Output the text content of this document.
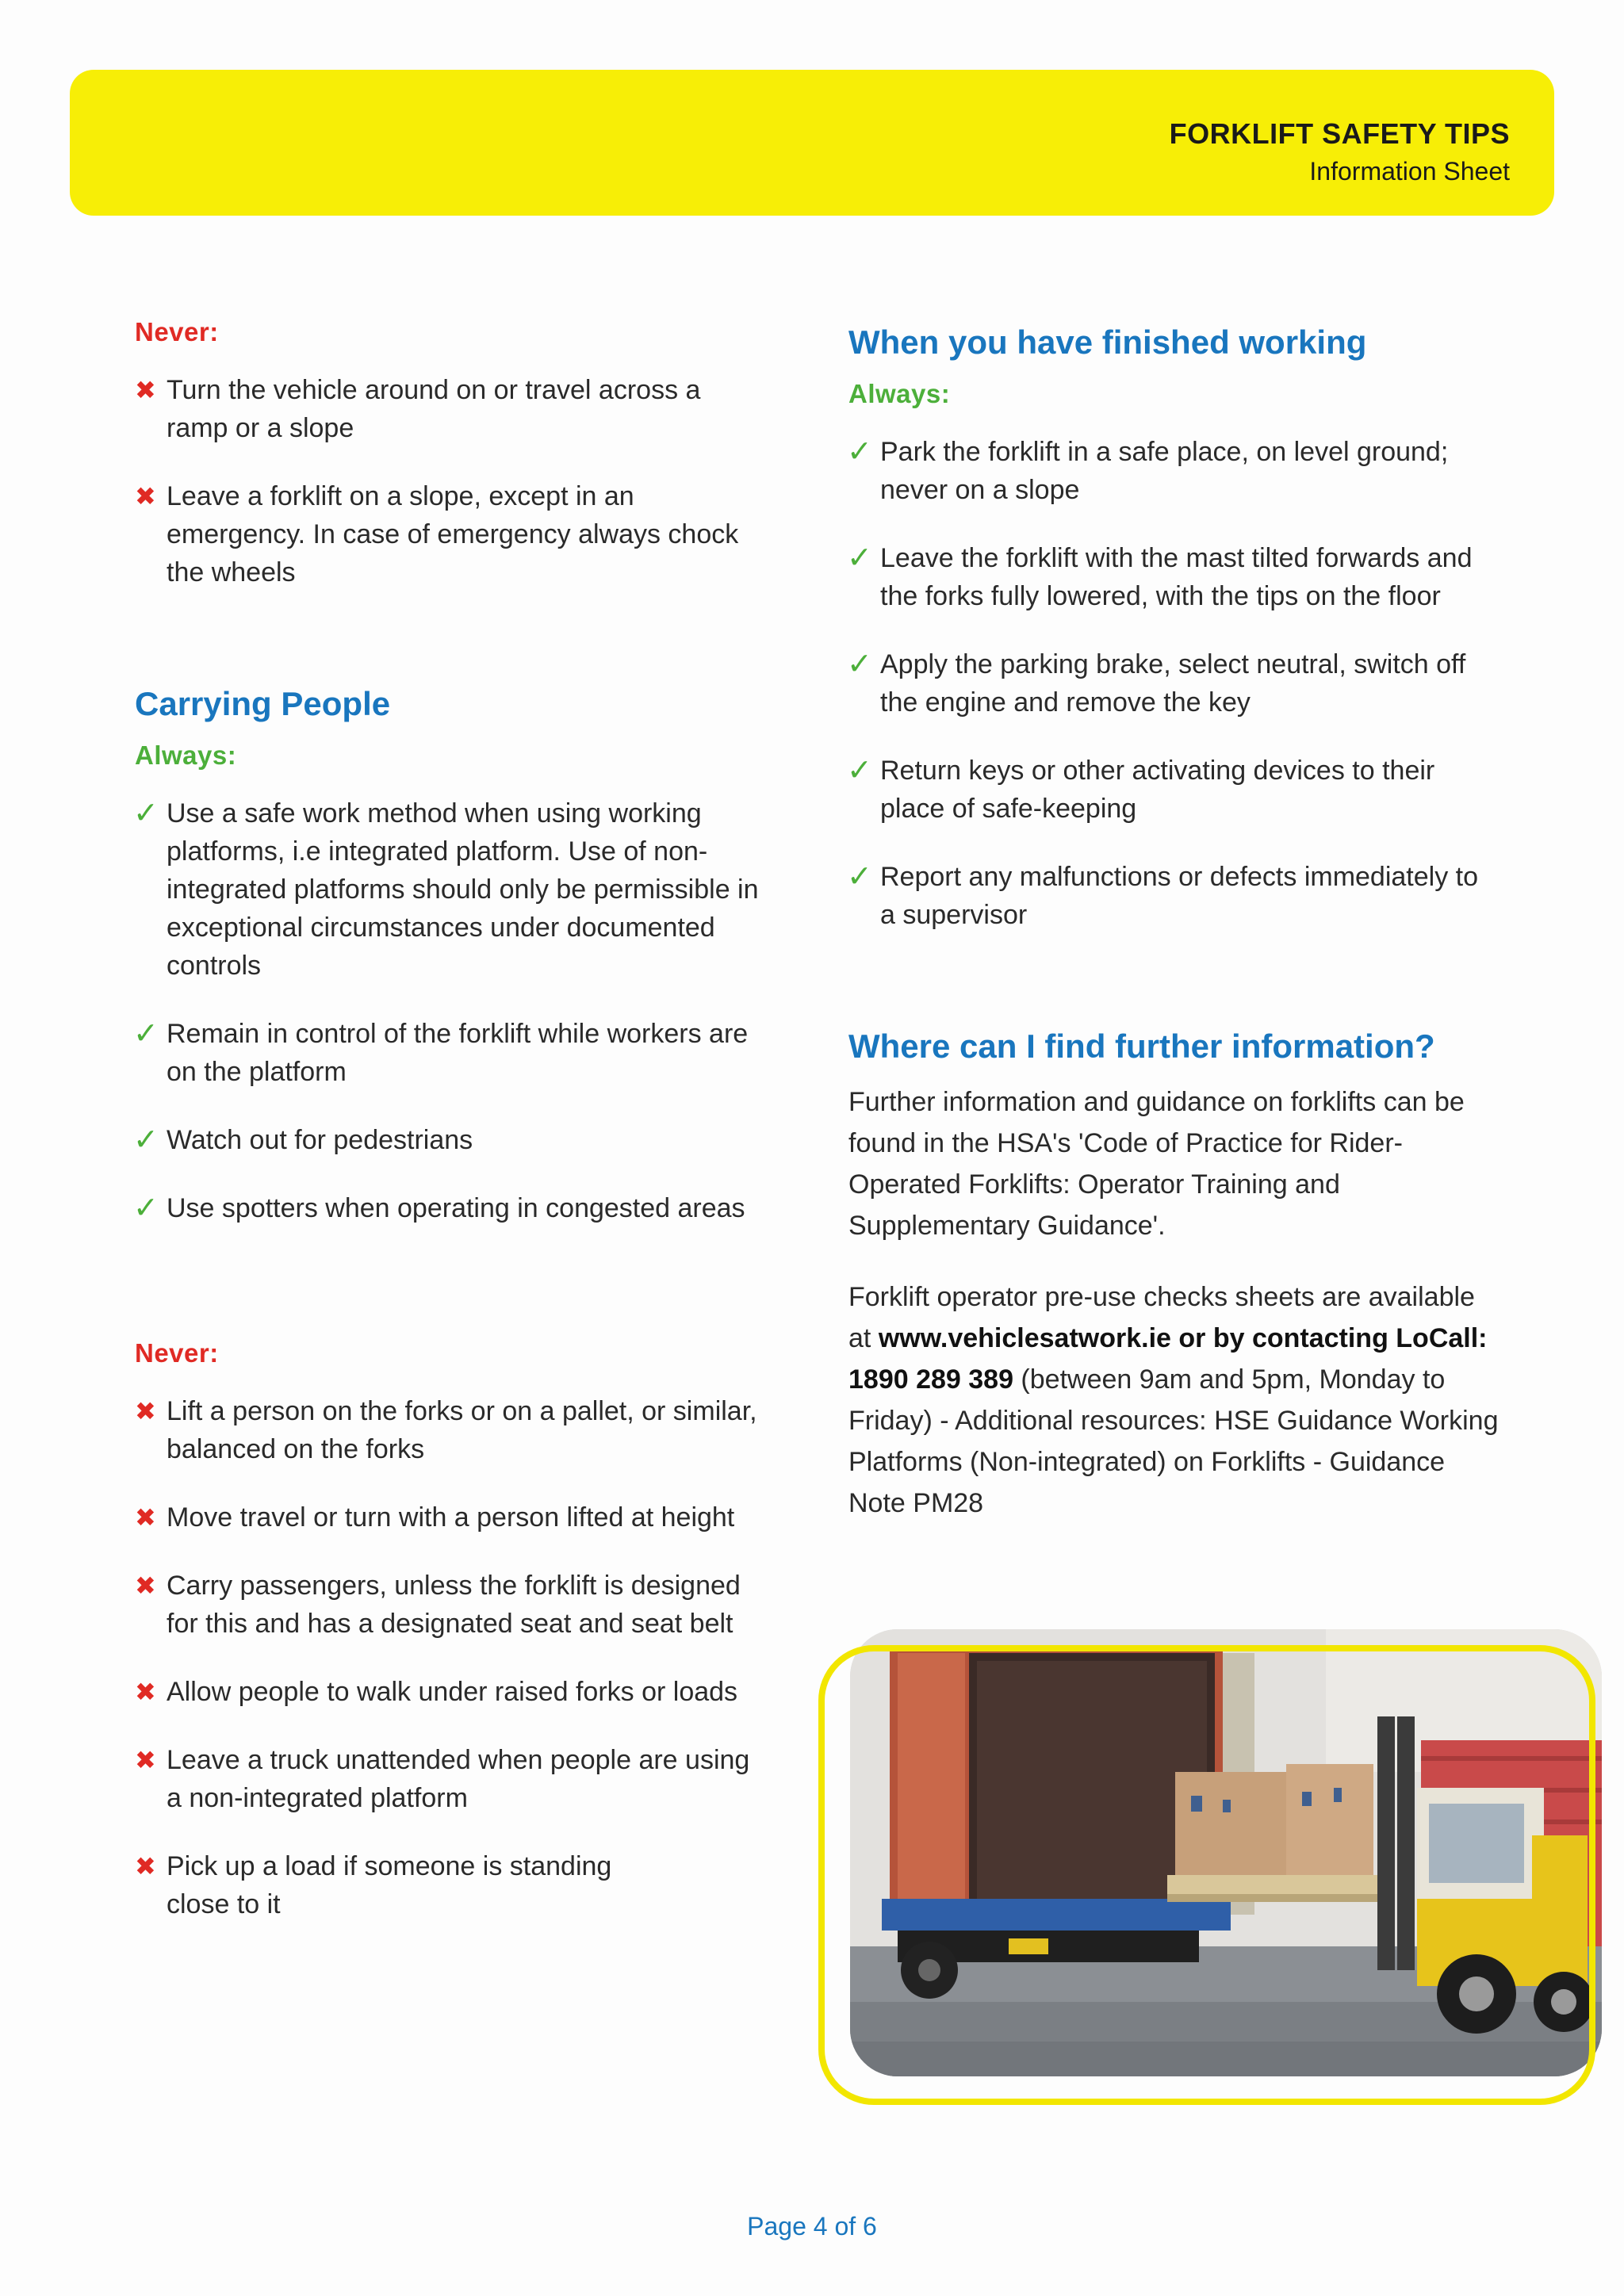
FORKLIFT SAFETY TIPS
Information Sheet
Never:
✖ Turn the vehicle around on or travel across a ramp or a slope
✖ Leave a forklift on a slope, except in an emergency. In case of emergency always chock the wheels
Carrying People
Always:
✓ Use a safe work method when using working platforms, i.e integrated platform. Use of non-integrated platforms should only be permissible in exceptional circumstances under documented controls
✓ Remain in control of the forklift while workers are on the platform
✓ Watch out for pedestrians
✓ Use spotters when operating in congested areas
Never:
✖ Lift a person on the forks or on a pallet, or similar, balanced on the forks
✖ Move travel or turn with a person lifted at height
✖ Carry passengers, unless the forklift is designed for this and has a designated seat and seat belt
✖ Allow people to walk under raised forks or loads
✖ Leave a truck unattended when people are using a non-integrated platform
✖ Pick up a load if someone is standing close to it
When you have finished working
Always:
✓ Park the forklift in a safe place, on level ground; never on a slope
✓ Leave the forklift with the mast tilted forwards and the forks fully lowered, with the tips on the floor
✓ Apply the parking brake, select neutral, switch off the engine and remove the key
✓ Return keys or other activating devices to their place of safe-keeping
✓ Report any malfunctions or defects immediately to a supervisor
Where can I find further information?
Further information and guidance on forklifts can be found in the HSA's 'Code of Practice for Rider-Operated Forklifts: Operator Training and Supplementary Guidance'.
Forklift operator pre-use checks sheets are available at www.vehiclesatwork.ie or by contacting LoCall: 1890 289 389 (between 9am and 5pm, Monday to Friday) - Additional resources: HSE Guidance Working Platforms (Non-integrated) on Forklifts - Guidance Note PM28
Page 4 of 6
